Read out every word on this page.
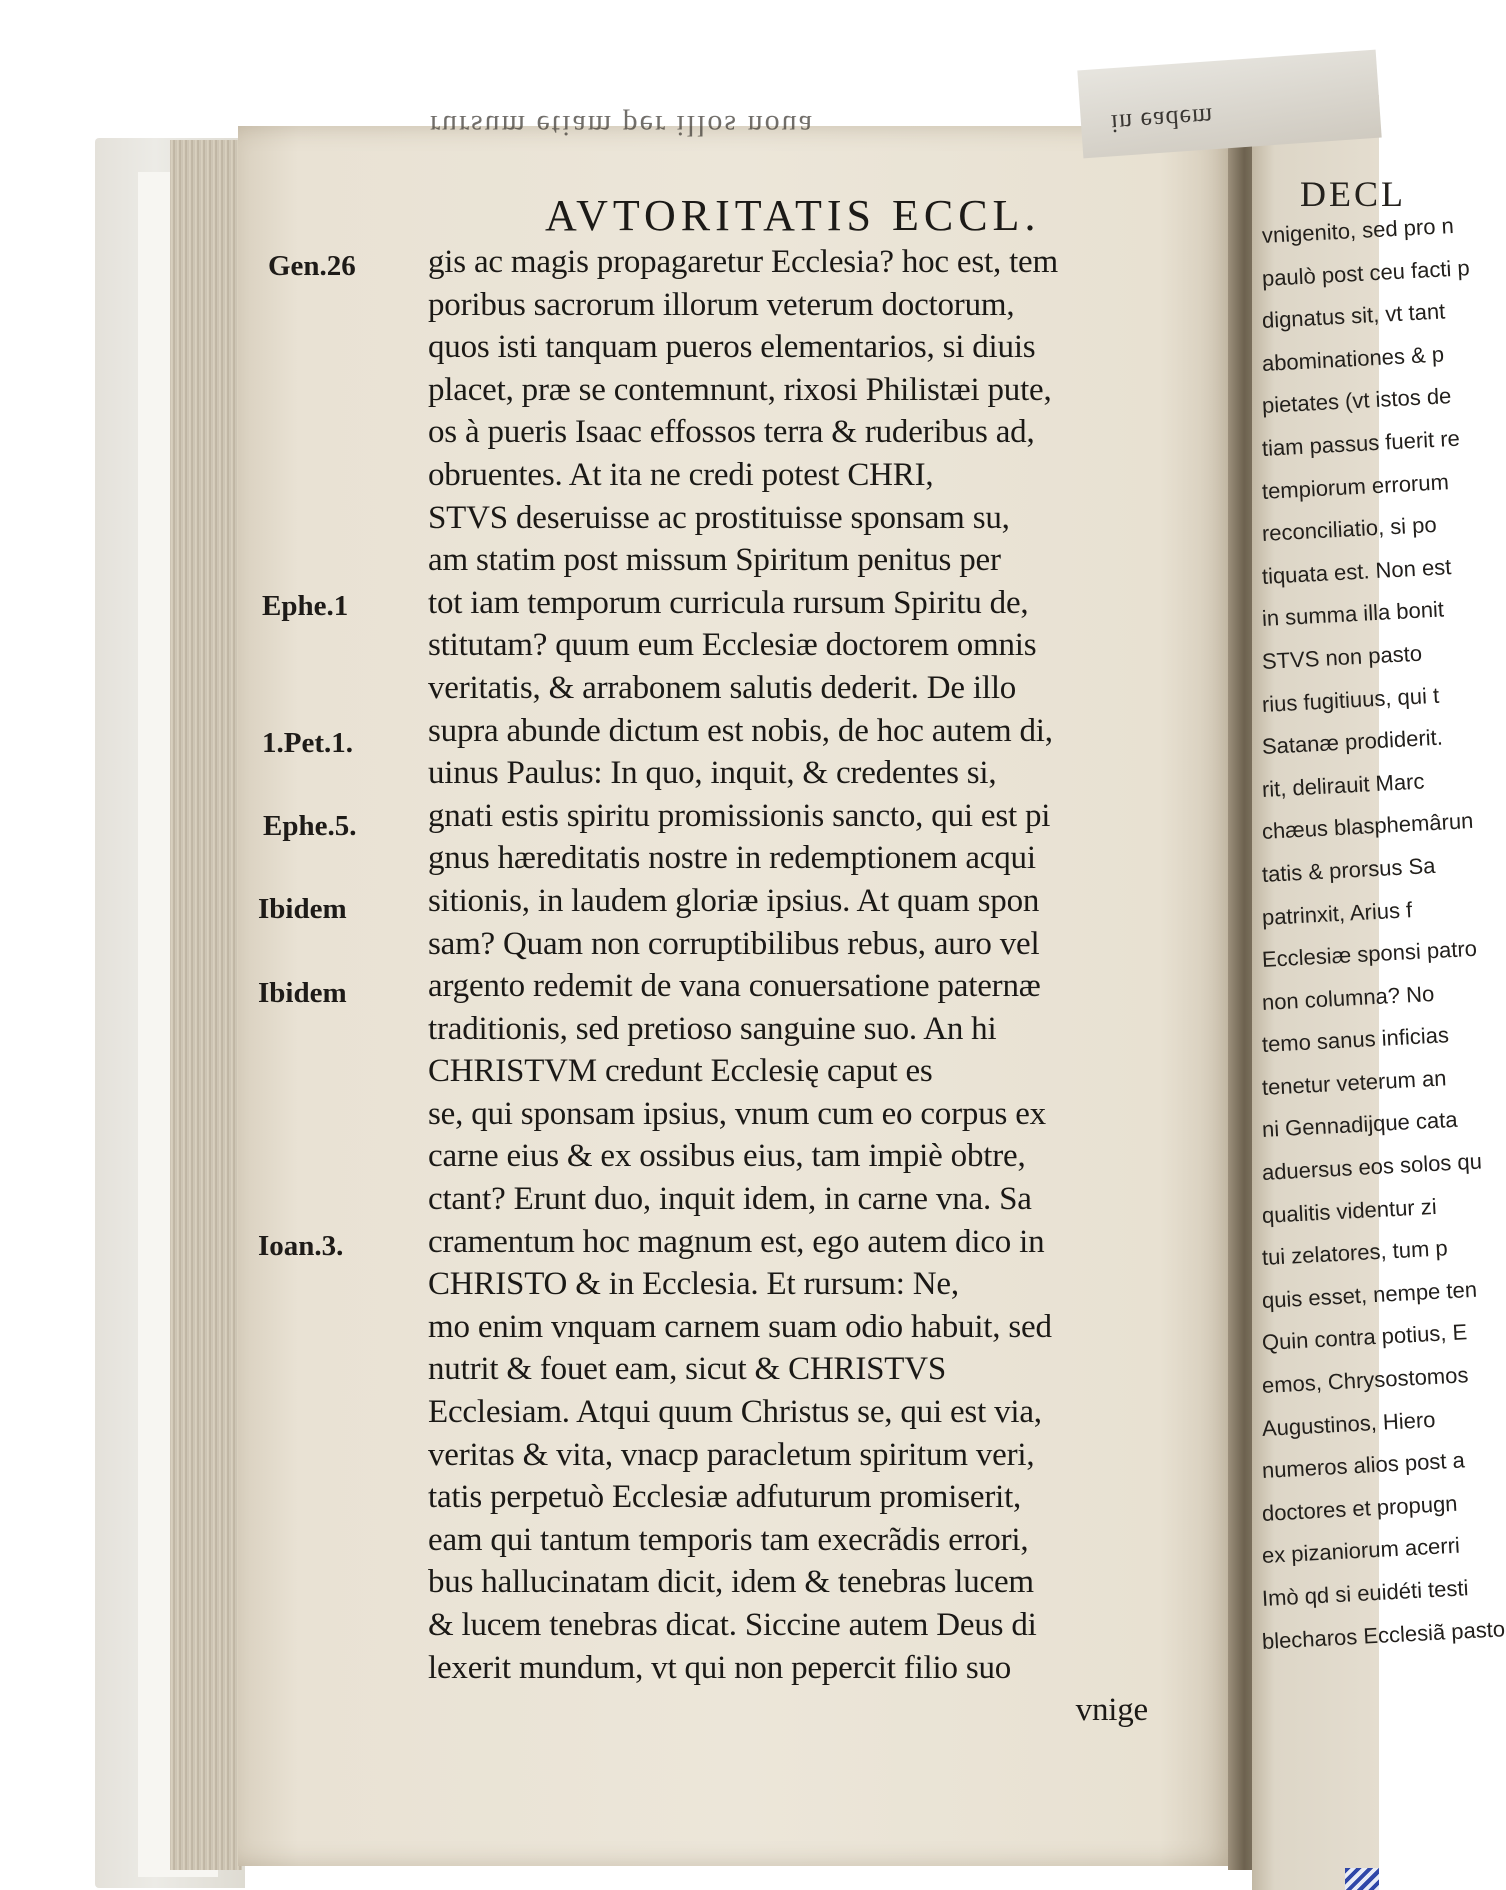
rursum etiam per illos noua
AVTORITATIS ECCL.
gis ac magis propagaretur Ecclesia? hoc est, tem
poribus sacrorum illorum veterum doctorum,
quos isti tanquam pueros elementarios, si diuis
placet, præ se contemnunt, rixosi Philistæi pute,
os à pueris Isaac effossos terra & ruderibus ad,
obruentes. At ita ne credi potest CHRI,
STVS deseruisse ac prostituisse sponsam su,
am statim post missum Spiritum penitus per
tot iam temporum curricula rursum Spiritu de,
stitutam? quum eum Ecclesiæ doctorem omnis
veritatis, & arrabonem salutis dederit. De illo
supra abunde dictum est nobis, de hoc autem di,
uinus Paulus: In quo, inquit, & credentes si,
gnati estis spiritu promissionis sancto, qui est pi
gnus hæreditatis nostre in redemptionem acqui
sitionis, in laudem gloriæ ipsius. At quam spon
sam? Quam non corruptibilibus rebus, auro vel
argento redemit de vana conuersatione paternæ
traditionis, sed pretioso sanguine suo. An hi
CHRISTVM credunt Ecclesię caput es
se, qui sponsam ipsius, vnum cum eo corpus ex
carne eius & ex ossibus eius, tam impiè obtre,
ctant? Erunt duo, inquit idem, in carne vna. Sa
cramentum hoc magnum est, ego autem dico in
CHRISTO & in Ecclesia. Et rursum: Ne,
mo enim vnquam carnem suam odio habuit, sed
nutrit & fouet eam, sicut & CHRISTVS
Ecclesiam. Atqui quum Christus se, qui est via,
veritas & vita, vnacp paracletum spiritum veri,
tatis perpetuò Ecclesiæ adfuturum promiserit,
eam qui tantum temporis tam execrãdis errori,
bus hallucinatam dicit, idem & tenebras lucem
& lucem tenebras dicat. Siccine autem Deus di
lexerit mundum, vt qui non pepercit filio suo
vnige
Gen.26
Ephe.1
1.Pet.1.
Ephe.5.
Ibidem
Ibidem
Ioan.3.
DECL
vnigenito, sed pro n
paulò post ceu facti p
dignatus sit, vt tant
abominationes & p
pietates (vt istos de
tiam passus fuerit re
tempiorum errorum
reconciliatio, si po
tiquata est. Non est
in summa illa bonit
STVS non pasto
rius fugitiuus, qui t
Satanæ prodiderit.
rit, delirauit Marc
chæus blasphemârun
tatis & prorsus Sa
patrinxit, Arius f
Ecclesiæ sponsi patro
non columna? No
temo sanus inficias
tenetur veterum an
ni Gennadijque cata
aduersus eos solos qu
qualitis videntur zi
tui zelatores, tum p
quis esset, nempe ten
Quin contra potius, E
emos, Chrysostomos
Augustinos, Hiero
numeros alios post a
doctores et propugn
ex pizaniorum acerri
Imò qd si euidéti testi
blecharos Ecclesiã pasto
in eadem
